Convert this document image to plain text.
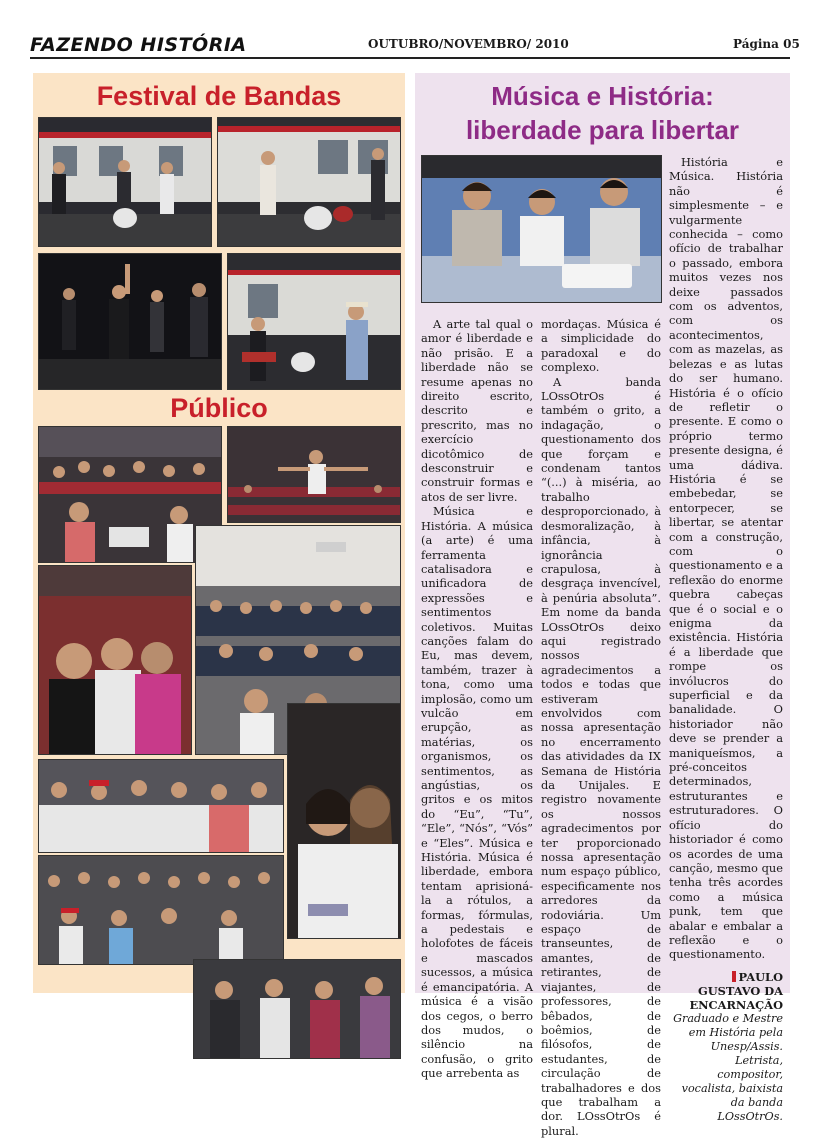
FAZENDO HISTÓRIA	OUTUBRO/NOVEMBRO/ 2010	Página 05
Festival de Bandas
Público
Música e História:
liberdade para libertar

A arte tal qual o amor é liberdade e não prisão. E a liberdade não se resume apenas no direito escrito, descrito e prescrito, mas no exercício dicotômico de desconstruir e construir formas e atos de ser livre.

Música e História. A música (a arte) é uma ferramenta catalisadora e unificadora de expressões e sentimentos coletivos. Muitas canções falam do Eu, mas devem, também, trazer à tona, como uma implosão, como um vulcão em erupção, as matérias, os organismos, os sentimentos, as angústias, os gritos e os mitos do “Eu”, “Tu”, “Ele”, “Nós”, “Vós” e “Eles”. Música e História. Música é liberdade, embora tentam aprisioná-la a rótulos, a formas, fórmulas, a pedestais e holofotes de fáceis e mascados sucessos, a música é emancipatória. A música é a visão dos cegos, o berro dos mudos, o silêncio na confusão, o grito que arrebenta as

mordaças. Música é a simplicidade do paradoxal e do complexo.

A banda LOssOtrOs é também o grito, a indagação, o questionamento dos que forçam e condenam tantos “(...) à miséria, ao trabalho desproporcionado, à desmoralização, à infância, à ignorância crapulosa, à desgraça invencível, à penúria absoluta”. Em nome da banda LOssOtrOs deixo aqui registrado nossos agradecimentos a todos e todas que estiveram envolvidos com nossa apresentação no encerramento das atividades da IX Semana de História da Unijales. E registro novamente os nossos agradecimentos por ter proporcionado nossa apresentação num espaço público, especificamente nos arredores da rodoviária. Um espaço de transeuntes, de amantes, de retirantes, de viajantes, de professores, de bêbados, de boêmios, de filósofos, de estudantes, de circulação de trabalhadores e dos que trabalham a dor. LOssOtrOs é plural.

História e Música. História não é simplesmente – e vulgarmente conhecida – como ofício de trabalhar o passado, embora muitos vezes nos deixe passados com os adventos, com os acontecimentos, com as mazelas, as belezas e as lutas do ser humano. História é o ofício de refletir o presente. E como o próprio termo presente designa, é uma dádiva. História é se embebedar, se entorpecer, se libertar, se atentar com a construção, com o questionamento e a reflexão do enorme quebra cabeças que é o social e o enigma da existência. História é a liberdade que rompe os invólucros do superficial e da banalidade. O historiador não deve se prender a maniqueísmos, a pré-conceitos determinados, estruturantes e estruturadores. O ofício do historiador é como os acordes de uma canção, mesmo que tenha três acordes como a música punk, tem que abalar e embalar a reflexão e o questionamento.

PAULO
GUSTAVO DA
ENCARNAÇÃO
Graduado e Mestre em História pela Unesp/Assis. Letrista, compositor, vocalista, baixista da banda LOssOtrOs.
